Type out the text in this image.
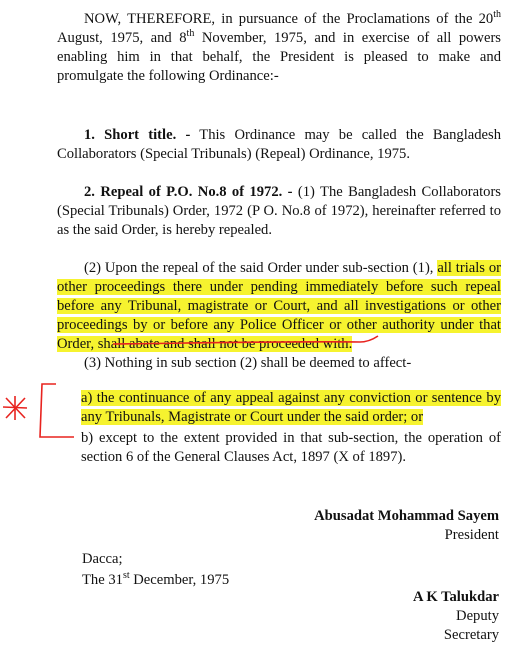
NOW, THEREFORE, in pursuance of the Proclamations of the 20th
August, 1975, and 8th November, 1975, and in exercise of all powers
enabling him in that behalf, the President is pleased to make and
promulgate the following Ordinance:-
1. Short title. - This Ordinance may be called the Bangladesh
Collaborators (Special Tribunals) (Repeal) Ordinance, 1975.
2. Repeal of P.O. No.8 of 1972. - (1) The Bangladesh Collaborators
(Special Tribunals) Order, 1972 (P O. No.8 of 1972), hereinafter referred to
as the said Order, is hereby repealed.
(2) Upon the repeal of the said Order under sub-section (1), all trials or
other proceedings there under pending immediately before such repeal
before any Tribunal, magistrate or Court, and all investigations or other
proceedings by or before any Police Officer or other authority under that
Order, shall abate and shall not be proceeded with.
(3) Nothing in sub section (2) shall be deemed to affect-
a) the continuance of any appeal against any conviction or sentence by
any Tribunals, Magistrate or Court under the said order; or
b) except to the extent provided in that sub-section, the operation of
section 6 of the General Clauses Act, 1897 (X of 1897).
Abusadat Mohammad Sayem
President
Dacca;
The 31st December, 1975
A K Talukdar
Deputy
Secretary
